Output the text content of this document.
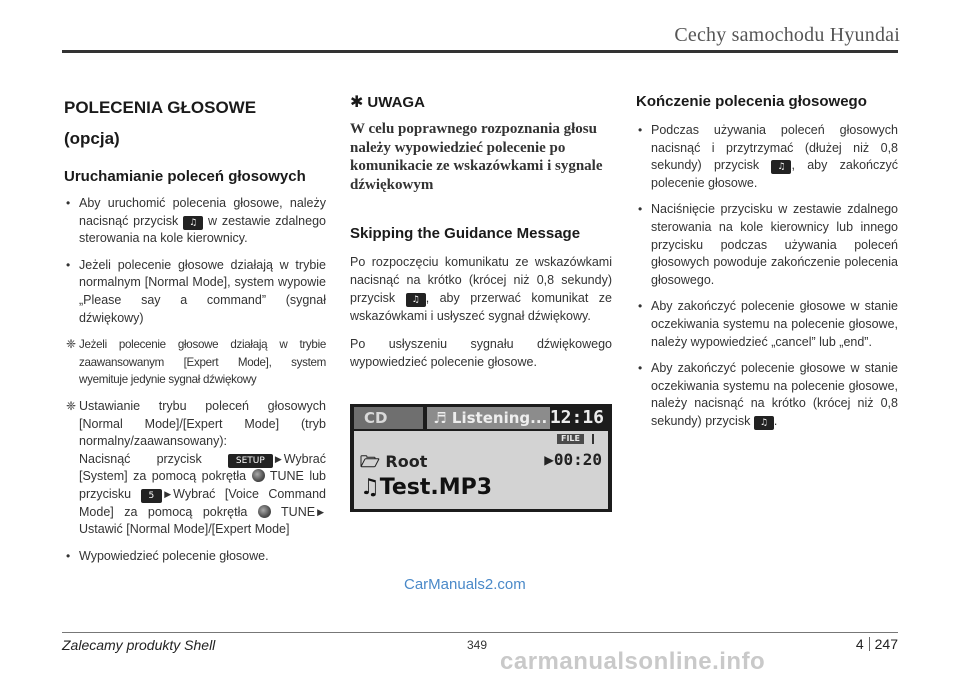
Cechy samochodu Hyundai
POLECENIA GŁOSOWE
(opcja)
Uruchamianie poleceń głosowych
• Aby uruchomić polecenia głosowe, należy nacisnąć przycisk ♫ w zestawie zdalnego sterowania na kole kierownicy.
• Jeżeli polecenie głosowe działają w trybie normalnym [Normal Mode], system wypowie „Please say a command” (sygnał dźwiękowy)
❈ Jeżeli polecenie głosowe działają w trybie zaawansowanym [Expert Mode], system wyemituje jedynie sygnał dźwiękowy
❈ Ustawianie trybu poleceń głosowych [Normal Mode]/[Expert Mode] (tryb normalny/zaawansowany):
Nacisnąć przycisk	SETUP ▶ Wybrać [System] za pomocą pokrętła TUNE lub przycisku 5 ▶ Wybrać [Voice Command Mode] za pomocą pokrętła	TUNE ▶Ustawić [Normal Mode]/[Expert Mode]
• Wypowiedzieć polecenie głosowe.
✱ UWAGA
W celu poprawnego rozpoznania głosu należy wypowiedzieć polecenie po komunikacie ze wskazówkami i sygnale dźwiękowym
Skipping the Guidance Message

Po rozpoczęciu komunikatu ze wskazówkami nacisnąć na krótko (krócej niż 0,8 sekundy) przycisk ♫ , aby przerwać komunikat ze wskazówkami i usłyszeć sygnał dźwiękowy.

Po usłyszeniu sygnału dźwiękowego wypowiedzieć polecenie głosowe.

CD	♬ Listening... 12:16
FILE
🗁 Root	▶00:20
♫Test.MP3
Kończenie polecenia głosowego
• Podczas używania poleceń głosowych nacisnąć i przytrzymać (dłużej niż 0,8 sekundy) przycisk ♫ , aby zakończyć polecenie głosowe.
• Naciśnięcie przycisku w zestawie zdalnego sterowania na kole kierownicy lub innego przycisku podczas używania poleceń głosowych powoduje zakończenie polecenia głosowego.
• Aby zakończyć polecenie głosowe w stanie oczekiwania systemu na polecenie głosowe, należy wypowiedzieć „cancel” lub „end”.
• Aby zakończyć polecenie głosowe w stanie oczekiwania systemu na polecenie głosowe, należy nacisnąć na krótko (krócej niż 0,8 sekundy) przycisk ♫ .
CarManuals2.com
Zalecamy produkty Shell	349	4 247
carmanualsonline.info
